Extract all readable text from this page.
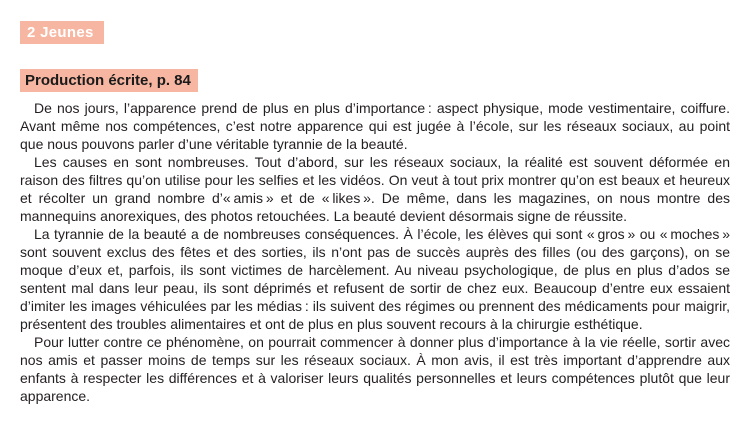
2 Jeunes
Production écrite, p. 84

De nos jours, l’apparence prend de plus en plus d’importance : aspect physique, mode vestimentaire, coiffure. Avant même nos compétences, c’est notre apparence qui est jugée à l’école, sur les réseaux sociaux, au point que nous pouvons parler d’une véritable tyrannie de la beauté.

Les causes en sont nombreuses. Tout d’abord, sur les réseaux sociaux, la réalité est souvent déformée en raison des filtres qu’on utilise pour les selfies et les vidéos. On veut à tout prix montrer qu’on est beaux et heureux et récolter un grand nombre d’« amis » et de « likes ». De même, dans les magazines, on nous montre des mannequins anorexiques, des photos retouchées. La beauté devient désormais signe de réussite.

La tyrannie de la beauté a de nombreuses conséquences. À l’école, les élèves qui sont « gros » ou « moches » sont souvent exclus des fêtes et des sorties, ils n’ont pas de succès auprès des filles (ou des garçons), on se moque d’eux et, parfois, ils sont victimes de harcèlement. Au niveau psychologique, de plus en plus d’ados se sentent mal dans leur peau, ils sont déprimés et refusent de sortir de chez eux. Beaucoup d’entre eux essaient d’imiter les images véhiculées par les médias : ils suivent des régimes ou prennent des médicaments pour maigrir, présentent des troubles alimentaires et ont de plus en plus souvent recours à la chirurgie esthétique.

Pour lutter contre ce phénomène, on pourrait commencer à donner plus d’importance à la vie réelle, sortir avec nos amis et passer moins de temps sur les réseaux sociaux. À mon avis, il est très important d’apprendre aux enfants à respecter les différences et à valoriser leurs qualités personnelles et leurs compétences plutôt que leur apparence.
